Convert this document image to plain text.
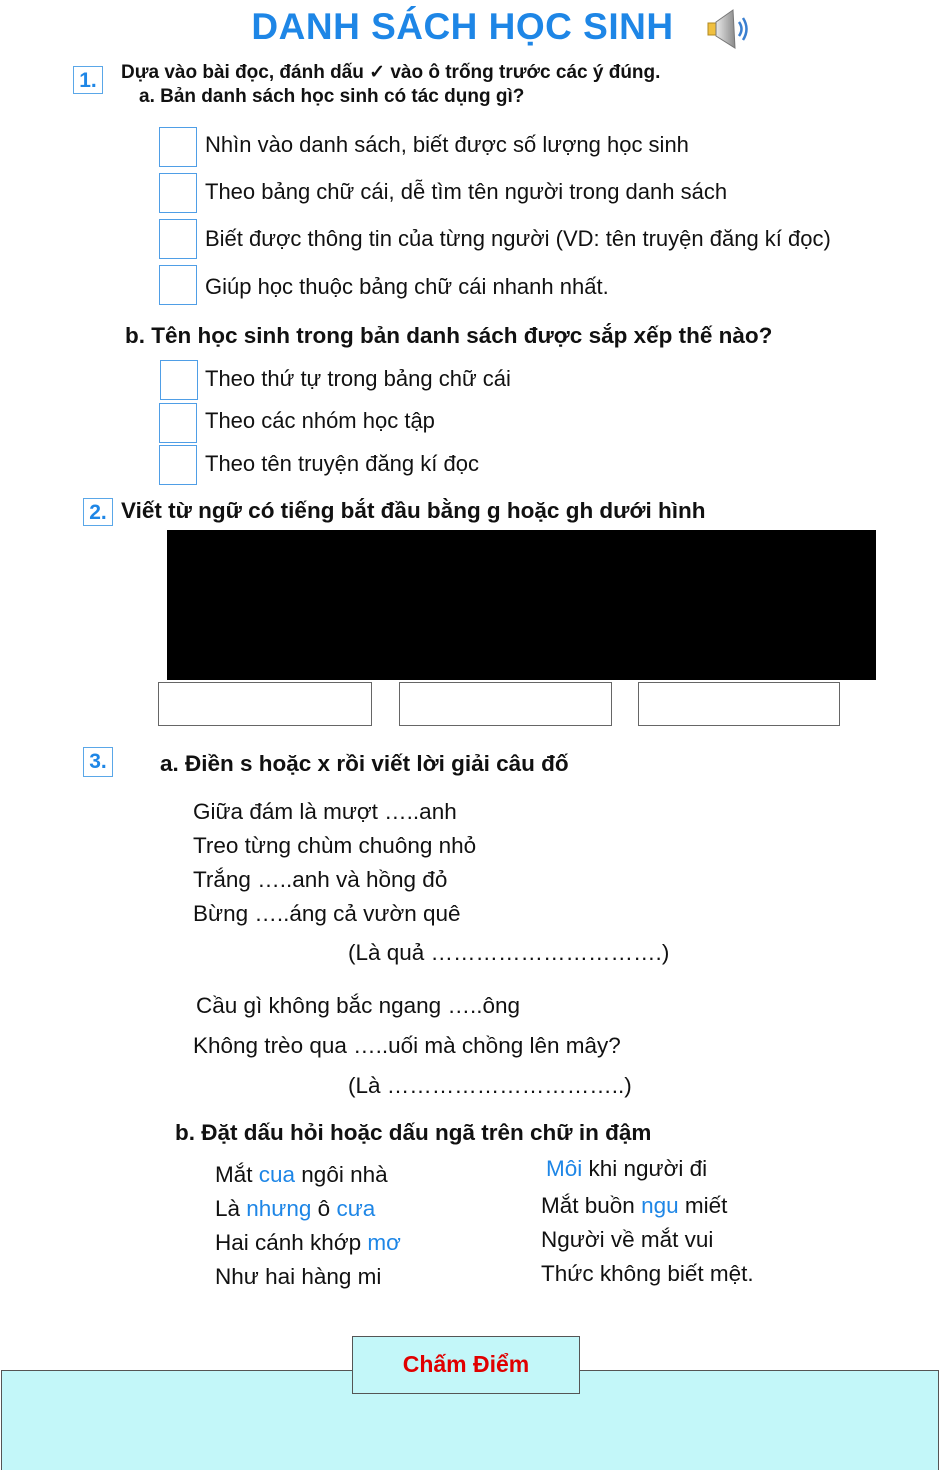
DANH SÁCH HỌC SINH
1.	Dựa vào bài đọc, đánh dấu ✓ vào ô trống trước các ý đúng.
a. Bản danh sách học sinh có tác dụng gì?
Nhìn vào danh sách, biết được số lượng học sinh
Theo bảng chữ cái, dễ tìm tên người trong danh sách
Biết được thông tin của từng người (VD: tên truyện đăng kí đọc)
Giúp học thuộc bảng chữ cái nhanh nhất.
b. Tên học sinh trong bản danh sách được sắp xếp thế nào?
Theo thứ tự trong bảng chữ cái
Theo các nhóm học tập
Theo tên truyện đăng kí đọc
2. Viết từ ngữ có tiếng bắt đầu bằng g hoặc gh dưới hình
3. a. Điền s hoặc x rồi viết lời giải câu đố
Giữa đám là mượt …..anh
Treo từng chùm chuông nhỏ
Trắng …..anh và hồng đỏ
Bừng …..áng cả vườn quê
(Là quả ………………………….)
Cầu gì không bắc ngang …..ông
Không trèo qua …..uối mà chồng lên mây?
(Là …………………………..)
b. Đặt dấu hỏi hoặc dấu ngã trên chữ in đậm
Mắt cua ngôi nhà
Là nhưng ô cưa
Hai cánh khớp mơ
Như hai hàng mi
Môi khi người đi
Mắt buồn ngu miết
Người về mắt vui
Thức không biết mệt.
Chấm Điểm
